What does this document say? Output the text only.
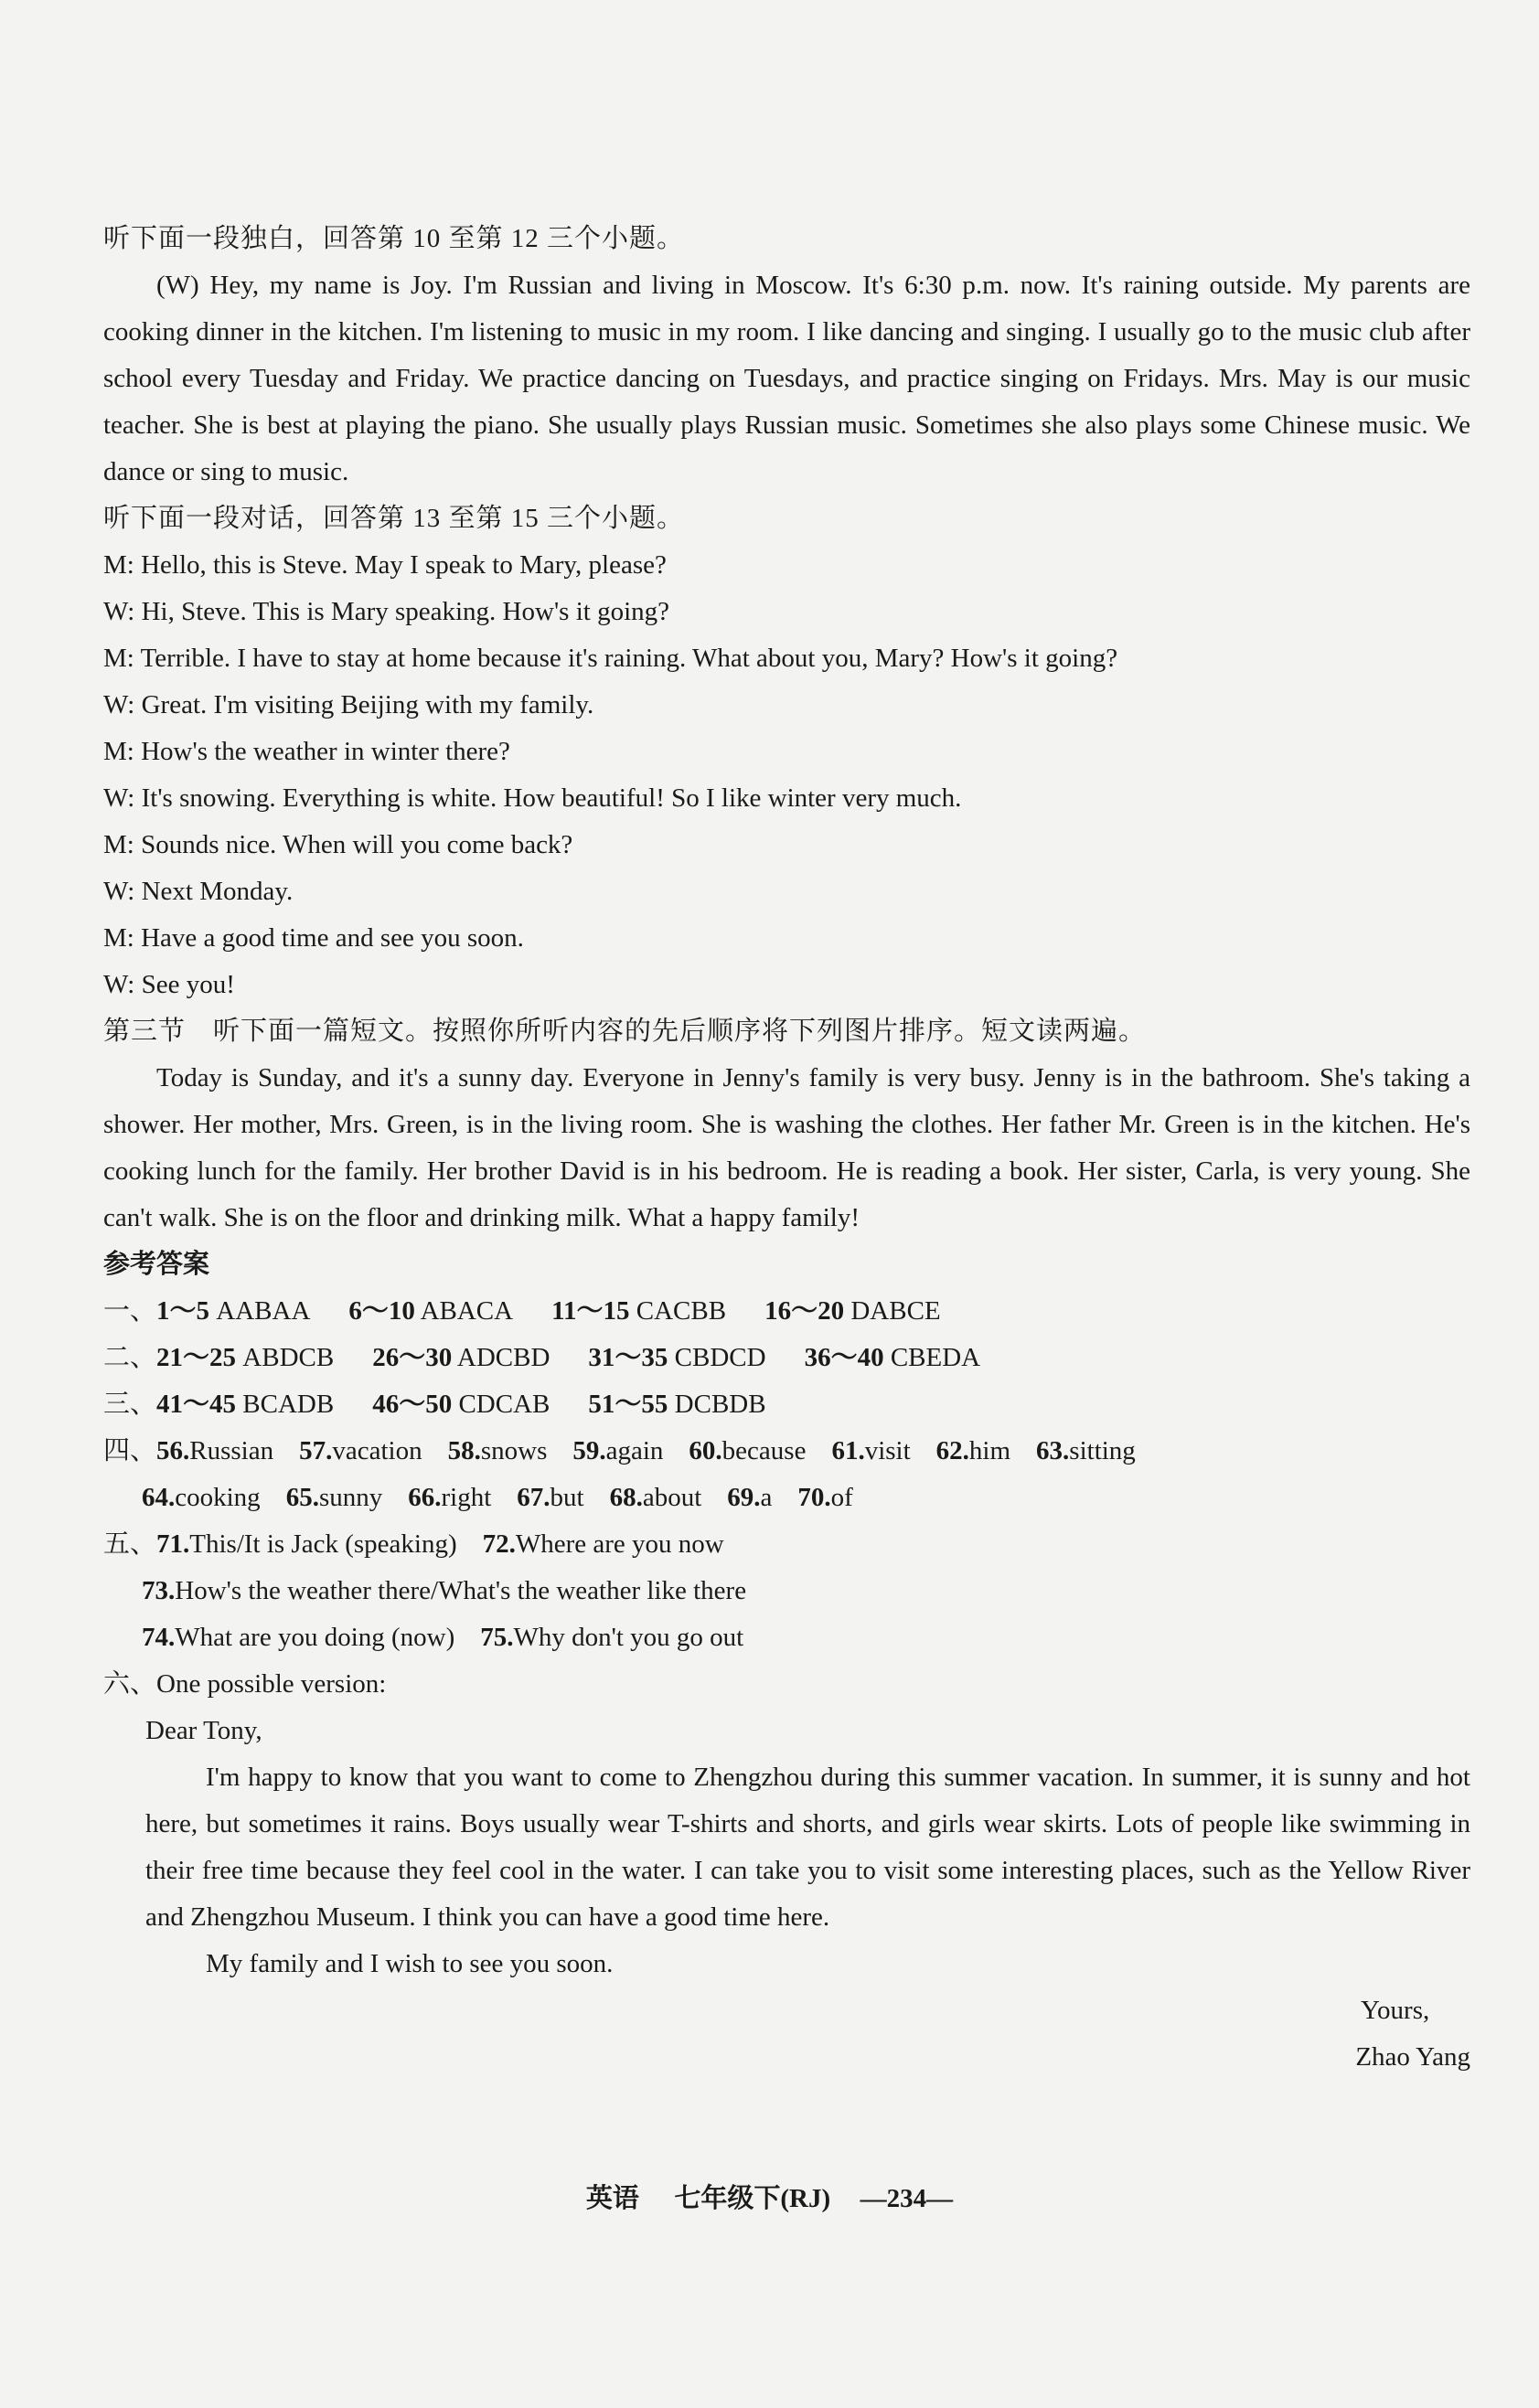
听下面一段独白，回答第 10 至第 12 三个小题。
(W) Hey, my name is Joy. I'm Russian and living in Moscow. It's 6:30 p.m. now. It's raining outside. My parents are cooking dinner in the kitchen. I'm listening to music in my room. I like dancing and singing. I usually go to the music club after school every Tuesday and Friday. We practice dancing on Tuesdays, and practice singing on Fridays. Mrs. May is our music teacher. She is best at playing the piano. She usually plays Russian music. Sometimes she also plays some Chinese music. We dance or sing to music.
听下面一段对话，回答第 13 至第 15 三个小题。
M: Hello, this is Steve. May I speak to Mary, please?
W: Hi, Steve. This is Mary speaking. How's it going?
M: Terrible. I have to stay at home because it's raining. What about you, Mary? How's it going?
W: Great. I'm visiting Beijing with my family.
M: How's the weather in winter there?
W: It's snowing. Everything is white. How beautiful! So I like winter very much.
M: Sounds nice. When will you come back?
W: Next Monday.
M: Have a good time and see you soon.
W: See you!
第三节　听下面一篇短文。按照你所听内容的先后顺序将下列图片排序。短文读两遍。
Today is Sunday, and it's a sunny day. Everyone in Jenny's family is very busy. Jenny is in the bathroom. She's taking a shower. Her mother, Mrs. Green, is in the living room. She is washing the clothes. Her father Mr. Green is in the kitchen. He's cooking lunch for the family. Her brother David is in his bedroom. He is reading a book. Her sister, Carla, is very young. She can't walk. She is on the floor and drinking milk. What a happy family!
参考答案
一、1～5 AABAA 6～10 ABACA 11～15 CACBB 16～20 DABCE
二、21～25 ABDCB 26～30 ADCBD 31～35 CBDCD 36～40 CBEDA
三、41～45 BCADB 46～50 CDCAB 51～55 DCBDB
四、56.Russian 57.vacation 58.snows 59.again 60.because 61.visit 62.him 63.sitting
64.cooking 65.sunny 66.right 67.but 68.about 69.a 70.of
五、71.This/It is Jack (speaking) 72.Where are you now
73.How's the weather there/What's the weather like there
74.What are you doing (now) 75.Why don't you go out
六、One possible version:
Dear Tony,
I'm happy to know that you want to come to Zhengzhou during this summer vacation. In summer, it is sunny and hot here, but sometimes it rains. Boys usually wear T-shirts and shorts, and girls wear skirts. Lots of people like swimming in their free time because they feel cool in the water. I can take you to visit some interesting places, such as the Yellow River and Zhengzhou Museum. I think you can have a good time here.
My family and I wish to see you soon.
Yours,
Zhao Yang
英语 七年级下(RJ) —234—
